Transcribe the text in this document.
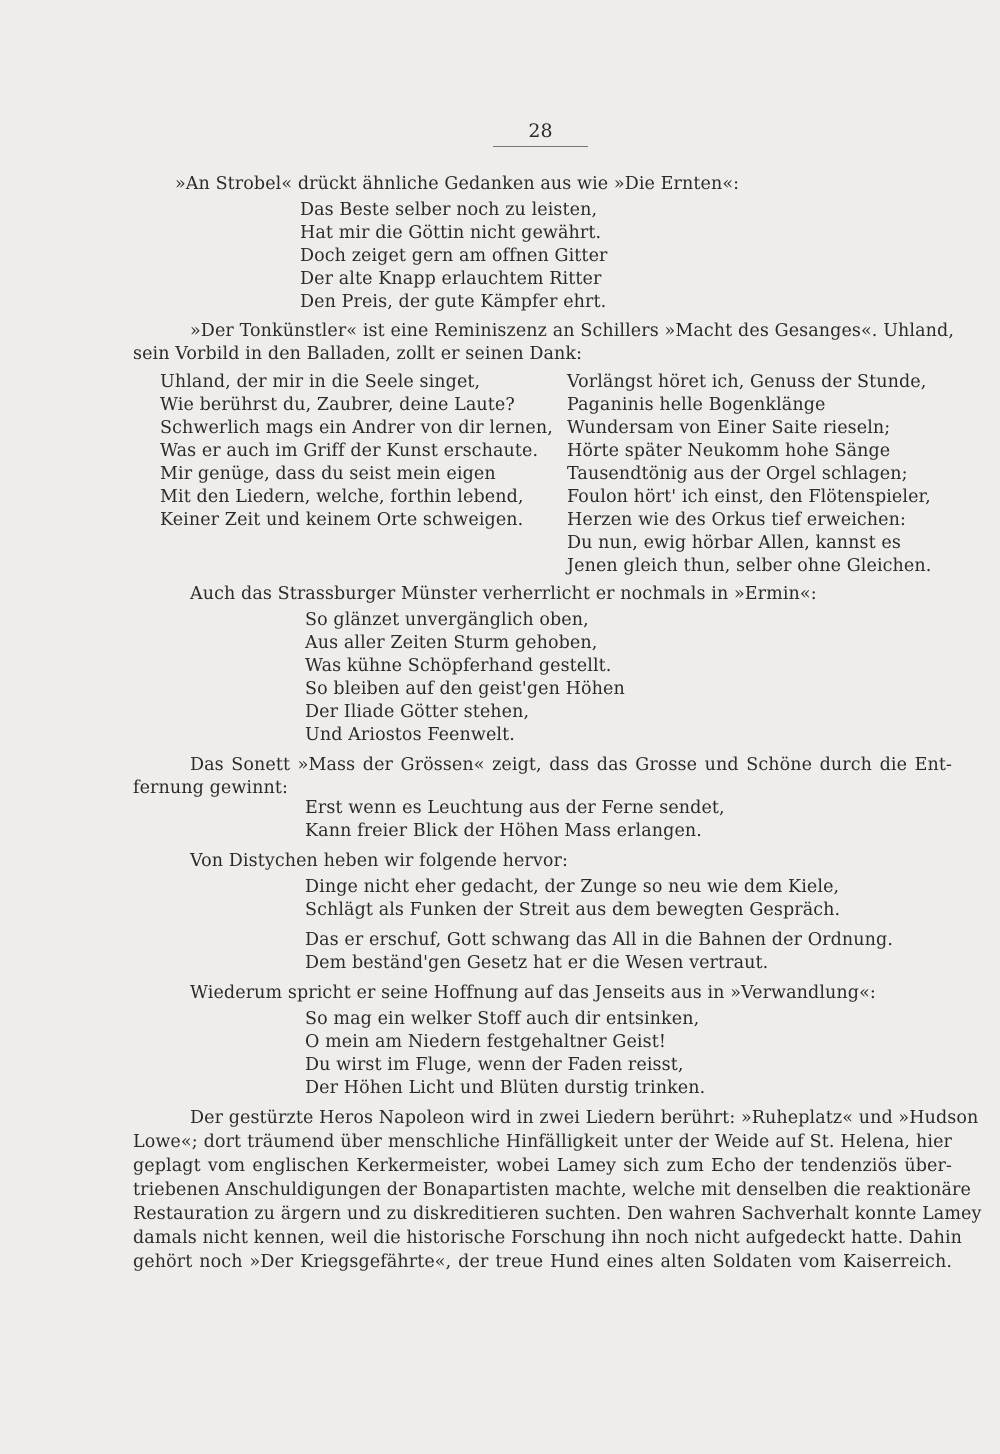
28
»An Strobel« drückt ähnliche Gedanken aus wie »Die Ernten«:
Das Beste selber noch zu leisten,
Hat mir die Göttin nicht gewährt.
Doch zeiget gern am offnen Gitter
Der alte Knapp erlauchtem Ritter
Den Preis, der gute Kämpfer ehrt.
»Der Tonkünstler« ist eine Reminiszenz an Schillers »Macht des Gesanges«. Uhland,
sein Vorbild in den Balladen, zollt er seinen Dank:
Uhland, der mir in die Seele singet,
Wie berührst du, Zaubrer, deine Laute?
Schwerlich mags ein Andrer von dir lernen,
Was er auch im Griff der Kunst erschaute.
Mir genüge, dass du seist mein eigen
Mit den Liedern, welche, forthin lebend,
Keiner Zeit und keinem Orte schweigen.
Vorlängst höret ich, Genuss der Stunde,
Paganinis helle Bogenklänge
Wundersam von Einer Saite rieseln;
Hörte später Neukomm hohe Sänge
Tausendtönig aus der Orgel schlagen;
Foulon hört' ich einst, den Flötenspieler,
Herzen wie des Orkus tief erweichen:
Du nun, ewig hörbar Allen, kannst es
Jenen gleich thun, selber ohne Gleichen.
Auch das Strassburger Münster verherrlicht er nochmals in »Ermin«:
So glänzet unvergänglich oben,
Aus aller Zeiten Sturm gehoben,
Was kühne Schöpferhand gestellt.
So bleiben auf den geist'gen Höhen
Der Iliade Götter stehen,
Und Ariostos Feenwelt.
Das Sonett »Mass der Grössen« zeigt, dass das Grosse und Schöne durch die Ent-
fernung gewinnt:
Erst wenn es Leuchtung aus der Ferne sendet,
Kann freier Blick der Höhen Mass erlangen.
Von Distychen heben wir folgende hervor:
Dinge nicht eher gedacht, der Zunge so neu wie dem Kiele,
Schlägt als Funken der Streit aus dem bewegten Gespräch.
Das er erschuf, Gott schwang das All in die Bahnen der Ordnung.
Dem beständ'gen Gesetz hat er die Wesen vertraut.
Wiederum spricht er seine Hoffnung auf das Jenseits aus in »Verwandlung«:
So mag ein welker Stoff auch dir entsinken,
O mein am Niedern festgehaltner Geist!
Du wirst im Fluge, wenn der Faden reisst,
Der Höhen Licht und Blüten durstig trinken.
Der gestürzte Heros Napoleon wird in zwei Liedern berührt: »Ruheplatz« und »Hudson
Lowe«; dort träumend über menschliche Hinfälligkeit unter der Weide auf St. Helena, hier
geplagt vom englischen Kerkermeister, wobei Lamey sich zum Echo der tendenziös über-
triebenen Anschuldigungen der Bonapartisten machte, welche mit denselben die reaktionäre
Restauration zu ärgern und zu diskreditieren suchten. Den wahren Sachverhalt konnte Lamey
damals nicht kennen, weil die historische Forschung ihn noch nicht aufgedeckt hatte. Dahin
gehört noch »Der Kriegsgefährte«, der treue Hund eines alten Soldaten vom Kaiserreich.
